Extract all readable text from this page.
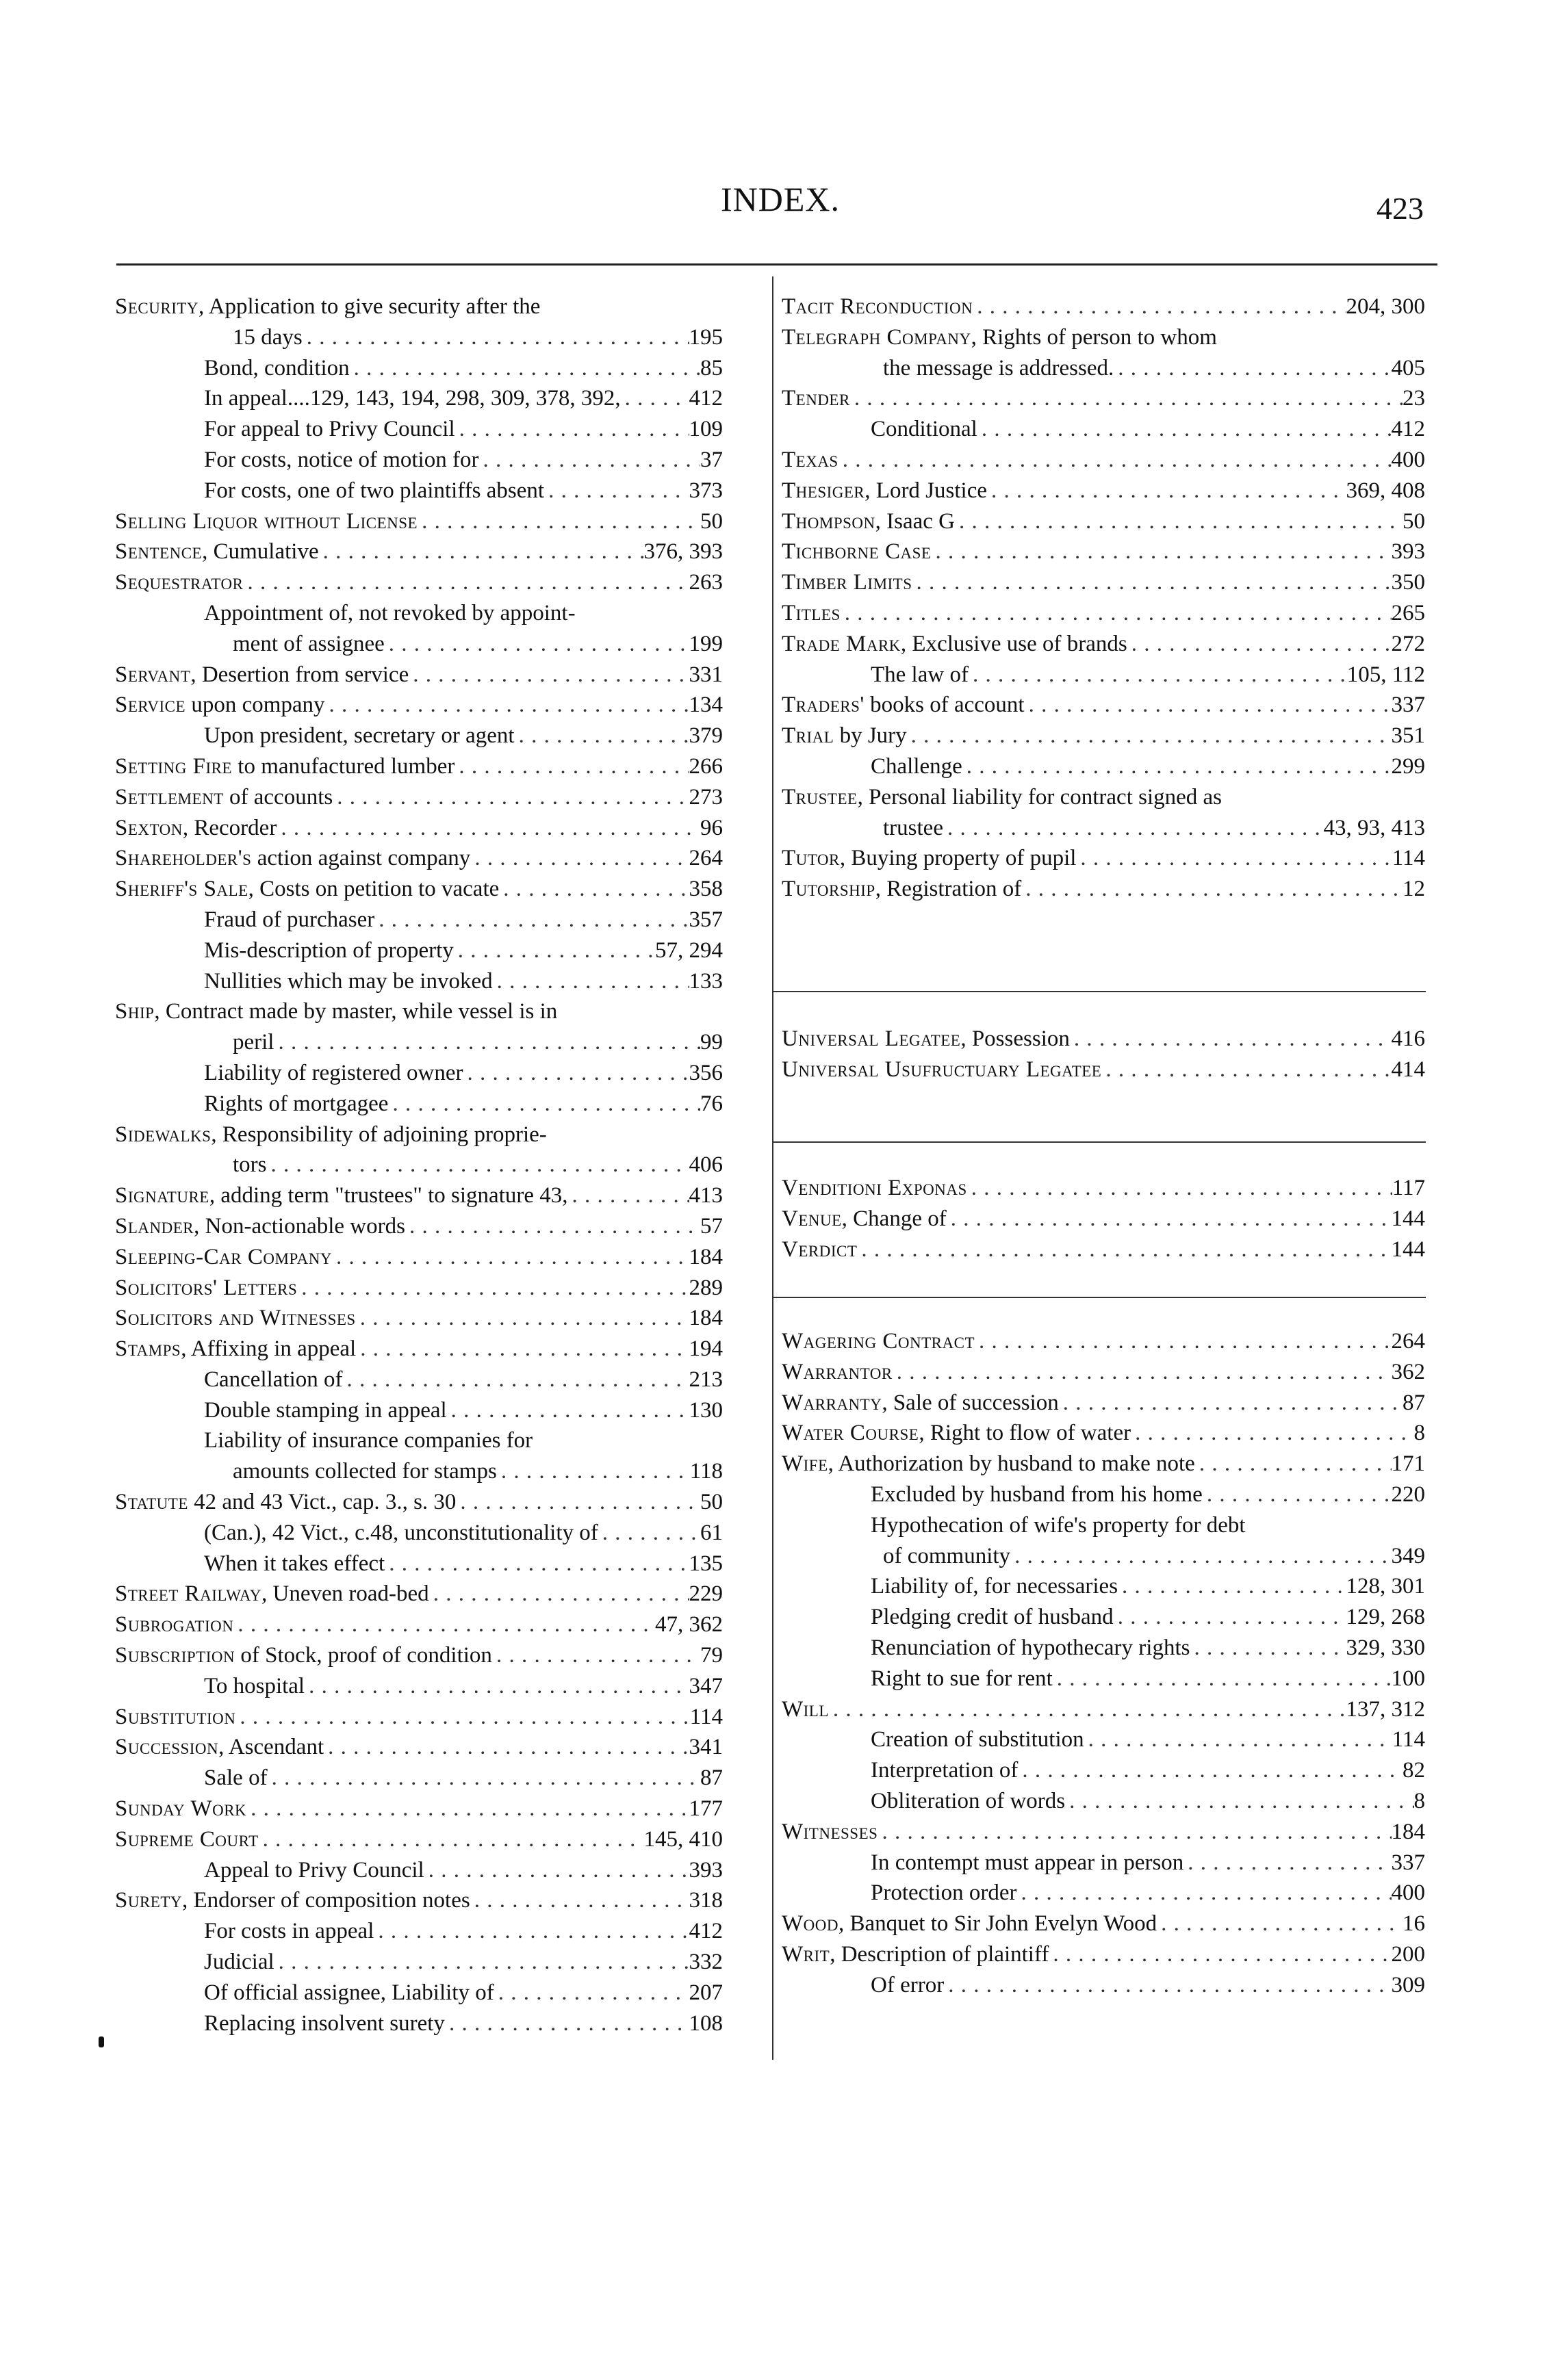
INDEX.	423
Security, Application to give security after the
15 days . . .	195
Bond, condition . . .	85
In appeal....129, 143, 194, 298, 309, 378, 392, . . .	412
For appeal to Privy Council . . .	109
For costs, notice of motion for . . .	37
For costs, one of two plaintiffs absent . . .	373
Selling Liquor without License . . .	50
Sentence, Cumulative . . .	376, 393
Sequestrator . . .	263
Appointment of, not revoked by appoint-
ment of assignee . . .	199
Servant, Desertion from service . . .	331
Service upon company . . .	134
Upon president, secretary or agent . . .	379
Setting Fire to manufactured lumber . . .	266
Settlement of accounts . . .	273
Sexton, Recorder . . .	96
Shareholder's action against company . . .	264
Sheriff's Sale, Costs on petition to vacate . . .	358
Fraud of purchaser . . .	357
Mis-description of property . . .	57, 294
Nullities which may be invoked . . .	133
Ship, Contract made by master, while vessel is in
peril . . .	99
Liability of registered owner . . .	356
Rights of mortgagee . . .	76
Sidewalks, Responsibility of adjoining proprie-
tors . . .	406
Signature, adding term "trustees" to signature 43, . . .	413
Slander, Non-actionable words . . .	57
Sleeping-Car Company . . .	184
Solicitors' Letters . . .	289
Solicitors and Witnesses . . .	184
Stamps, Affixing in appeal . . .	194
Cancellation of . . .	213
Double stamping in appeal . . .	130
Liability of insurance companies for
amounts collected for stamps . . .	118
Statute 42 and 43 Vict., cap. 3., s. 30 . . .	50
(Can.), 42 Vict., c.48, unconstitutionality of . . .	61
When it takes effect . . .	135
Street Railway, Uneven road-bed . . .	229
Subrogation . . .	47, 362
Subscription of Stock, proof of condition . . .	79
To hospital . . .	347
Substitution . . .	114
Succession, Ascendant . . .	341
Sale of . . .	87
Sunday Work . . .	177
Supreme Court . . .	145, 410
Appeal to Privy Council . . .	393
Surety, Endorser of composition notes . . .	318
For costs in appeal . . .	412
Judicial . . .	332
Of official assignee, Liability of . . .	207
Replacing insolvent surety . . .	108
Tacit Reconduction . . .	204, 300
Telegraph Company, Rights of person to whom
the message is addressed. . . .	405
Tender . . .	23
Conditional . . .	412
Texas . . .	400
Thesiger, Lord Justice . . .	369, 408
Thompson, Isaac G . . .	50
Tichborne Case . . .	393
Timber Limits . . .	350
Titles . . .	265
Trade Mark, Exclusive use of brands . . .	272
The law of . . .	105, 112
Traders' books of account . . .	337
Trial by Jury . . .	351
Challenge . . .	299
Trustee, Personal liability for contract signed as
trustee . . .	43, 93, 413
Tutor, Buying property of pupil . . .	114
Tutorship, Registration of . . .	12
Universal Legatee, Possession . . .	416
Universal Usufructuary Legatee . . .	414
Venditioni Exponas . . .	117
Venue, Change of . . .	144
Verdict . . .	144
Wagering Contract . . .	264
Warrantor . . .	362
Warranty, Sale of succession . . .	87
Water Course, Right to flow of water . . .	8
Wife, Authorization by husband to make note . . .	171
Excluded by husband from his home . . .	220
Hypothecation of wife's property for debt
of community . . .	349
Liability of, for necessaries . . .	128, 301
Pledging credit of husband . . .	129, 268
Renunciation of hypothecary rights . . .	329, 330
Right to sue for rent . . .	100
Will . . .	137, 312
Creation of substitution . . .	114
Interpretation of . . .	82
Obliteration of words . . .	8
Witnesses . . .	184
In contempt must appear in person . . .	337
Protection order . . .	400
Wood, Banquet to Sir John Evelyn Wood . . .	16
Writ, Description of plaintiff . . .	200
Of error . . .	309
